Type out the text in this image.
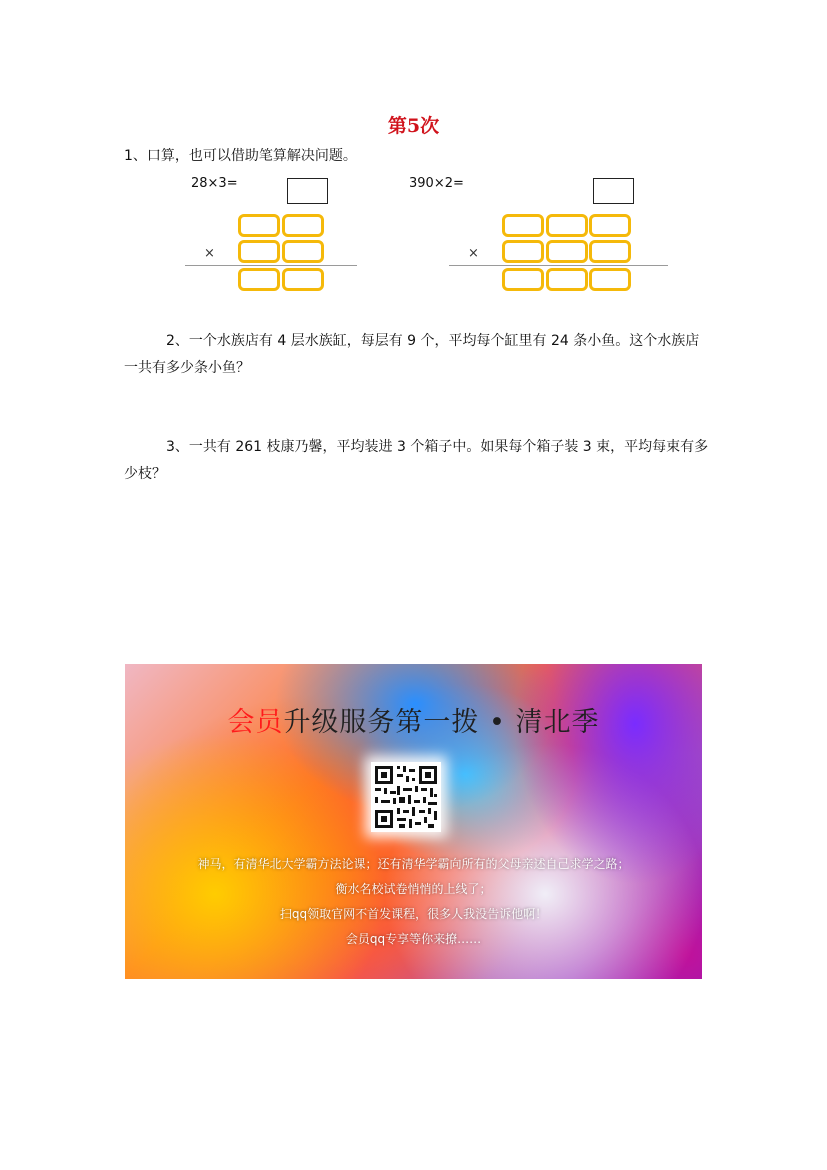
第5次
1、口算，也可以借助笔算解决问题。
28×3=	390×2=
×	×
2、一个水族店有 4 层水族缸，每层有 9 个，平均每个缸里有 24 条小鱼。这个水族店
一共有多少条小鱼？
3、一共有 261 枝康乃馨，平均装进 3 个箱子中。如果每个箱子装 3 束，平均每束有多
少枝？
会员升级服务第一拨 • 清北季
神马，有清华北大学霸方法论课；还有清华学霸向所有的父母亲述自己求学之路；
衡水名校试卷悄悄的上线了；
扫qq领取官网不首发课程，很多人我没告诉他啊！
会员qq专享等你来撩……
